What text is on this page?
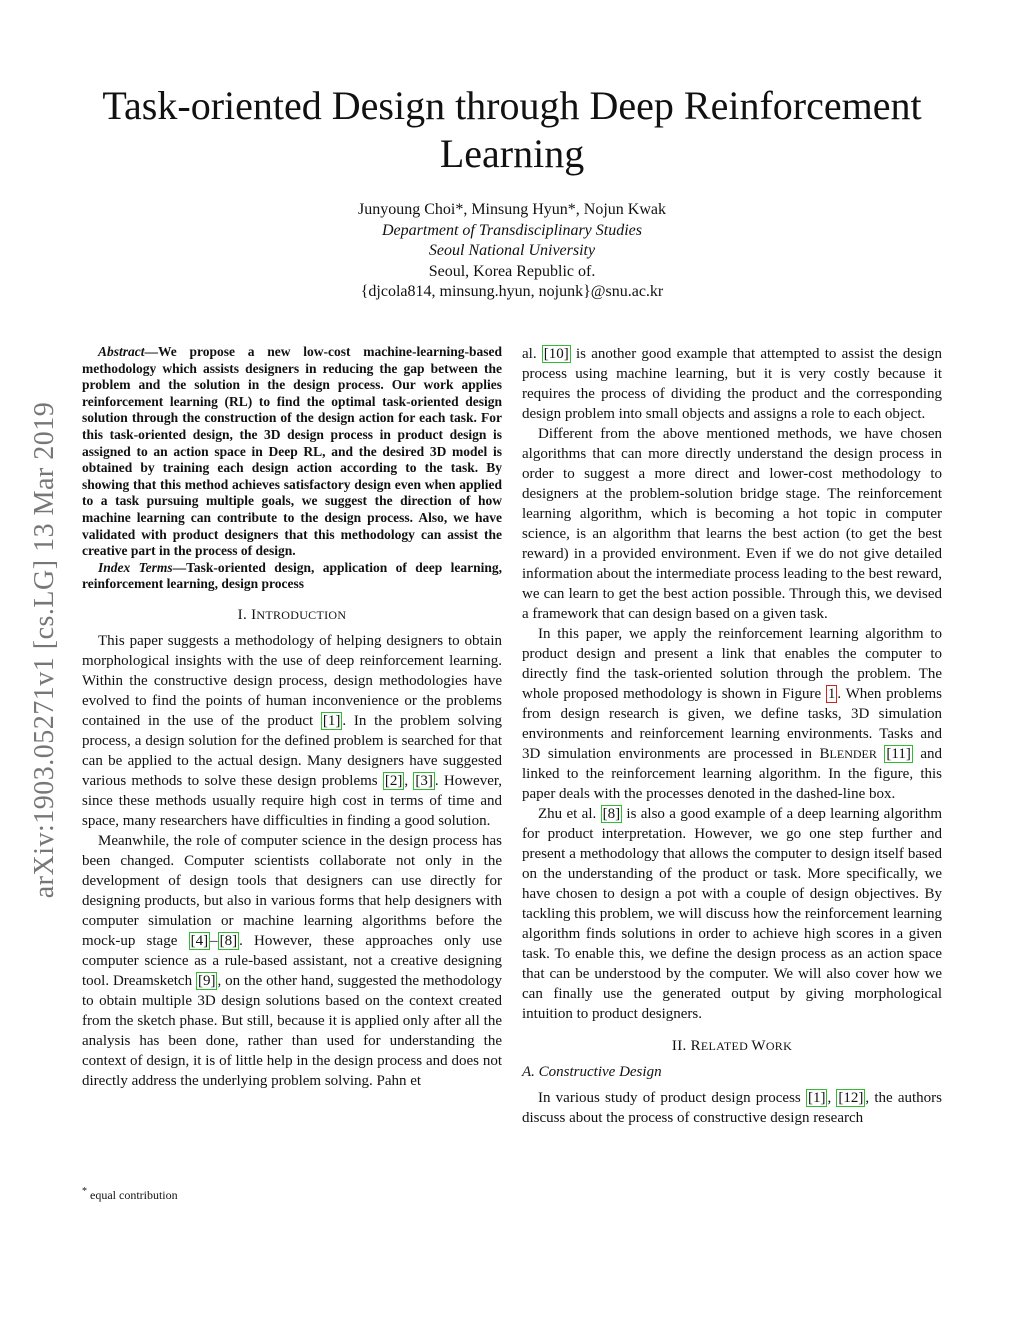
arXiv:1903.05271v1 [cs.LG] 13 Mar 2019
Task-oriented Design through Deep Reinforcement Learning
Junyoung Choi*, Minsung Hyun*, Nojun Kwak
Department of Transdisciplinary Studies
Seoul National University
Seoul, Korea Republic of.
{djcola814, minsung.hyun, nojunk}@snu.ac.kr

Abstract—We propose a new low-cost machine-learning-based methodology which assists designers in reducing the gap between the problem and the solution in the design process. Our work applies reinforcement learning (RL) to find the optimal task-oriented design solution through the construction of the design action for each task. For this task-oriented design, the 3D design process in product design is assigned to an action space in Deep RL, and the desired 3D model is obtained by training each design action according to the task. By showing that this method achieves satisfactory design even when applied to a task pursuing multiple goals, we suggest the direction of how machine learning can contribute to the design process. Also, we have validated with product designers that this methodology can assist the creative part in the process of design.

Index Terms—Task-oriented design, application of deep learning, reinforcement learning, design process

I. INTRODUCTION

This paper suggests a methodology of helping designers to obtain morphological insights with the use of deep reinforcement learning. Within the constructive design process, design methodologies have evolved to find the points of human inconvenience or the problems contained in the use of the product [1] . In the problem solving process, a design solution for the defined problem is searched for that can be applied to the actual design. Many designers have suggested various methods to solve these design problems [2] , [3] . However, since these methods usually require high cost in terms of time and space, many researchers have difficulties in finding a good solution.

Meanwhile, the role of computer science in the design process has been changed. Computer scientists collaborate not only in the development of design tools that designers can use directly for designing products, but also in various forms that help designers with computer simulation or machine learning algorithms before the mock-up stage [4] – [8] . However, these approaches only use computer science as a rule-based assistant, not a creative designing tool. Dreamsketch [9] , on the other hand, suggested the methodology to obtain multiple 3D design solutions based on the context created from the sketch phase. But still, because it is applied only after all the analysis has been done, rather than used for understanding the context of design, it is of little help in the design process and does not directly address the underlying problem solving. Pahn et

* equal contribution

al. [10] is another good example that attempted to assist the design process using machine learning, but it is very costly because it requires the process of dividing the product and the corresponding design problem into small objects and assigns a role to each object.

Different from the above mentioned methods, we have chosen algorithms that can more directly understand the design process in order to suggest a more direct and lower-cost methodology to designers at the problem-solution bridge stage. The reinforcement learning algorithm, which is becoming a hot topic in computer science, is an algorithm that learns the best action (to get the best reward) in a provided environment. Even if we do not give detailed information about the intermediate process leading to the best reward, we can learn to get the best action possible. Through this, we devised a framework that can design based on a given task.

In this paper, we apply the reinforcement learning algorithm to product design and present a link that enables the computer to directly find the task-oriented solution through the problem. The whole proposed methodology is shown in Figure 1 . When problems from design research is given, we define tasks, 3D simulation environments and reinforcement learning environments. Tasks and 3D simulation environments are processed in BLENDER [11] and linked to the reinforcement learning algorithm. In the figure, this paper deals with the processes denoted in the dashed-line box.

Zhu et al. [8] is also a good example of a deep learning algorithm for product interpretation. However, we go one step further and present a methodology that allows the computer to design itself based on the understanding of the product or task. More specifically, we have chosen to design a pot with a couple of design objectives. By tackling this problem, we will discuss how the reinforcement learning algorithm finds solutions in order to achieve high scores in a given task. To enable this, we define the design process as an action space that can be understood by the computer. We will also cover how we can finally use the generated output by giving morphological intuition to product designers.

II. RELATED WORK
A. Constructive Design

In various study of product design process [1] , [12] , the authors discuss about the process of constructive design research
